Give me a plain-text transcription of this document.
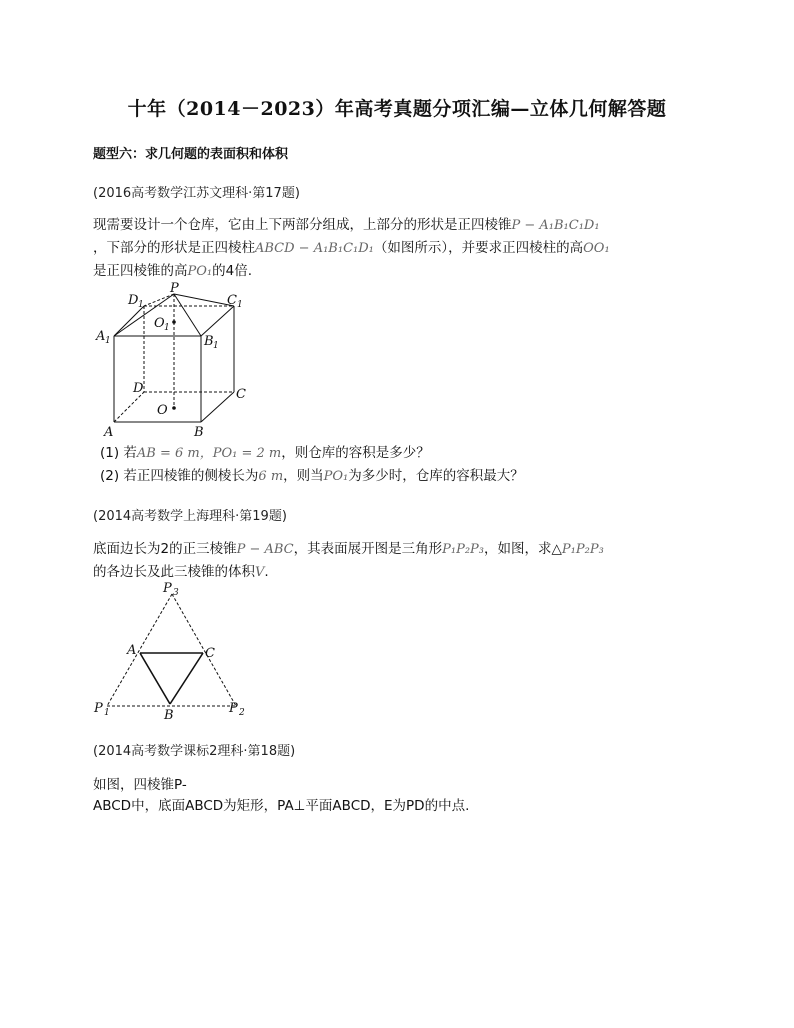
十年（2014－2023）年高考真题分项汇编—立体几何解答题
题型六：求几何题的表面积和体积
(2016高考数学江苏文理科·第17题)
现需要设计一个仓库，它由上下两部分组成，上部分的形状是正四棱锥P − A₁B₁C₁D₁
，下部分的形状是正四棱柱ABCD − A₁B₁C₁D₁（如图所示），并要求正四棱柱的高OO₁
是正四棱锥的高PO₁的4倍.
P
D 1	C 1
O 1
A 1	B 1
D	C
O
A	B
(1) 若AB = 6 m，PO₁ = 2 m，则仓库的容积是多少？
(2) 若正四棱锥的侧棱长为6 m，则当PO₁为多少时，仓库的容积最大？
(2014高考数学上海理科·第19题)
底面边长为2的正三棱锥P − ABC，其表面展开图是三角形P₁P₂P₃，如图，求△P₁P₂P₃
的各边长及此三棱锥的体积V.
P 3
A	C
P 1	B	P 2
(2014高考数学课标2理科·第18题)
如图，四棱锥P-
ABCD中，底面ABCD为矩形，PA⊥平面ABCD，E为PD的中点.
